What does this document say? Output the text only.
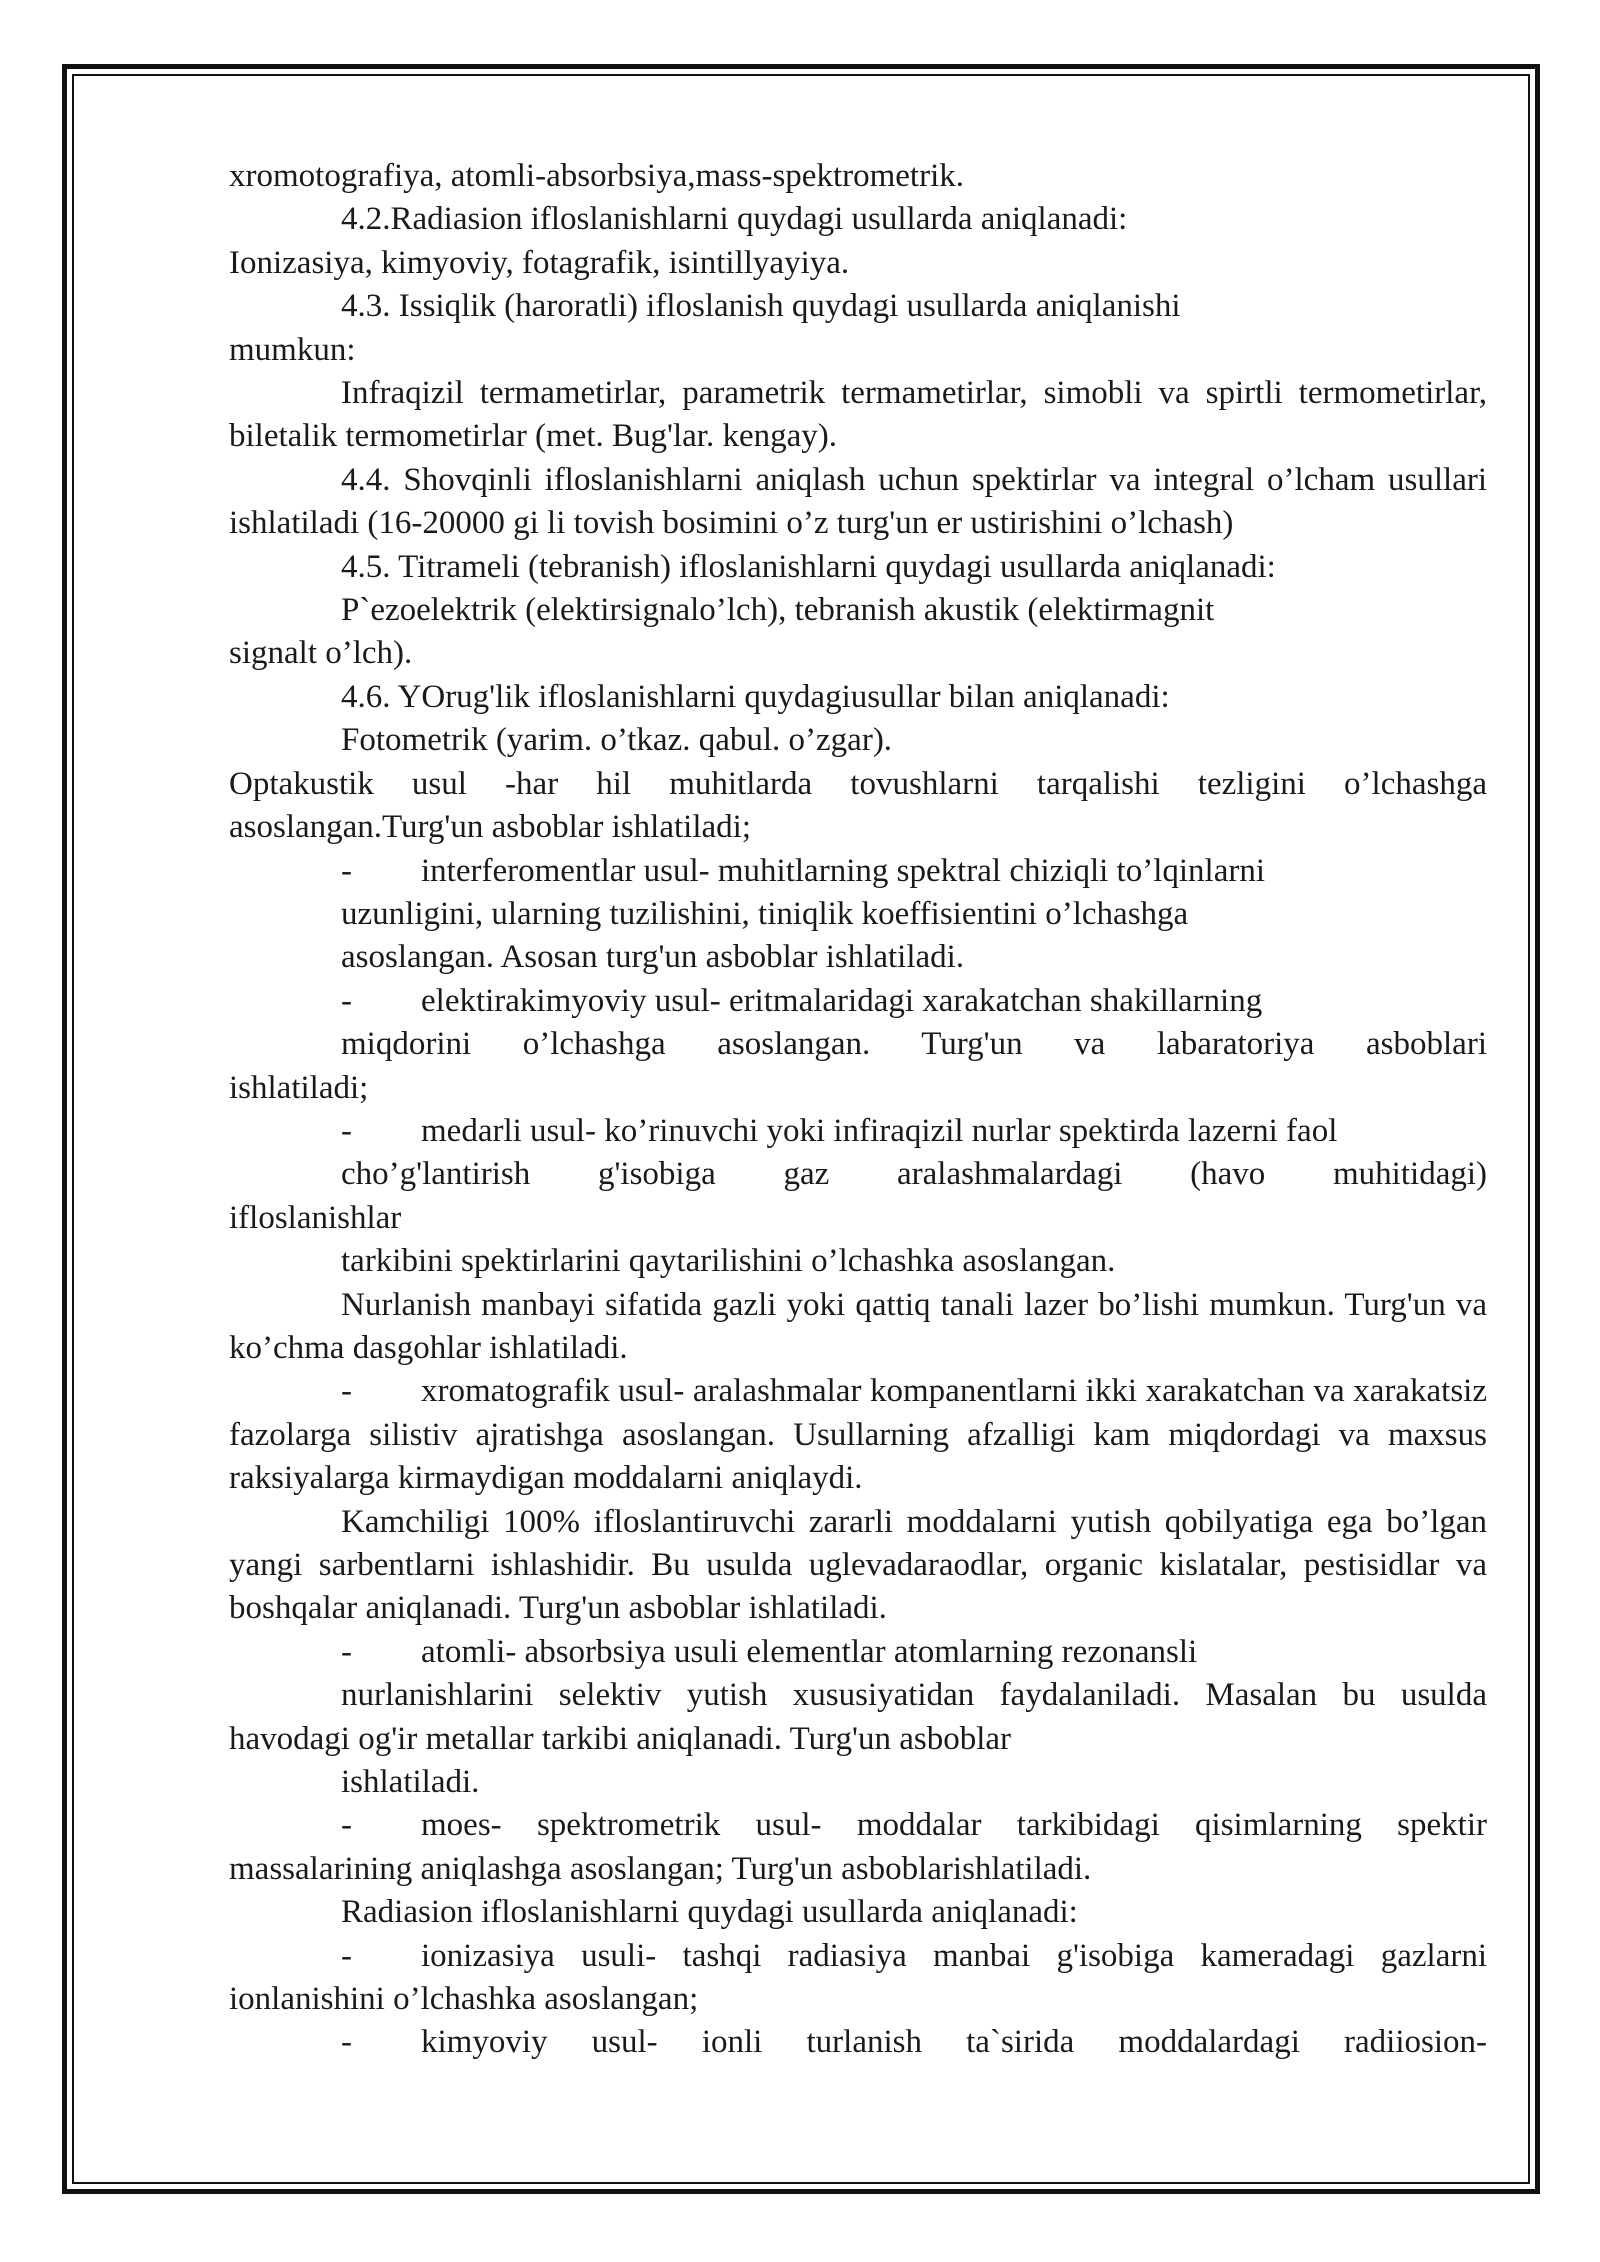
xromotografiya, atomli-absorbsiya,mass-spektrometrik.

4.2.Radiasion ifloslanishlarni quydagi usullarda aniqlanadi:

Ionizasiya, kimyoviy, fotagrafik, isintillyayiya.

4.3. Issiqlik (haroratli) ifloslanish quydagi usullarda aniqlanishi

mumkun:

Infraqizil termametirlar, parametrik termametirlar, simobli va spirtli termometirlar, biletalik termometirlar (met. Bug'lar. kengay).

4.4. Shovqinli ifloslanishlarni aniqlash uchun spektirlar va integral o’lcham usullari ishlatiladi (16-20000 gi li tovish bosimini o’z turg'un er ustirishini o’lchash)

4.5. Titrameli (tebranish) ifloslanishlarni quydagi usullarda aniqlanadi:

P`ezoelektrik (elektirsignalo’lch), tebranish akustik (elektirmagnit

signalt o’lch).

4.6. YOrug'lik ifloslanishlarni quydagiusullar bilan aniqlanadi:

Fotometrik (yarim. o’tkaz. qabul. o’zgar).

Optakustik usul -har hil muhitlarda tovushlarni tarqalishi tezligini o’lchashga asoslangan.Turg'un asboblar ishlatiladi;

- interferomentlar usul- muhitlarning spektral chiziqli to’lqinlarni

uzunligini, ularning tuzilishini, tiniqlik koeffisientini o’lchashga

asoslangan. Asosan turg'un asboblar ishlatiladi.

- elektirakimyoviy usul- eritmalaridagi xarakatchan shakillarning

miqdorini o’lchashga asoslangan. Turg'un va labaratoriya asboblari

ishlatiladi;

- medarli usul- ko’rinuvchi yoki infiraqizil nurlar spektirda lazerni faol

cho’g'lantirish g'isobiga gaz aralashmalardagi (havo muhitidagi)

ifloslanishlar

tarkibini spektirlarini qaytarilishini o’lchashka asoslangan.

Nurlanish manbayi sifatida gazli yoki qattiq tanali lazer bo’lishi mumkun. Turg'un va ko’chma dasgohlar ishlatiladi.

- xromatografik usul- aralashmalar kompanentlarni ikki xarakatchan va xarakatsiz fazolarga silistiv ajratishga asoslangan. Usullarning afzalligi kam miqdordagi va maxsus raksiyalarga kirmaydigan moddalarni aniqlaydi.

Kamchiligi 100% ifloslantiruvchi zararli moddalarni yutish qobilyatiga ega bo’lgan yangi sarbentlarni ishlashidir. Bu usulda uglevadaraodlar, organic kislatalar, pestisidlar va boshqalar aniqlanadi. Turg'un asboblar ishlatiladi.

- atomli- absorbsiya usuli elementlar atomlarning rezonansli

nurlanishlarini selektiv yutish xususiyatidan faydalaniladi. Masalan bu usulda havodagi og'ir metallar tarkibi aniqlanadi. Turg'un asboblar

ishlatiladi.

- moes- spektrometrik usul- moddalar tarkibidagi qisimlarning spektir massalarining aniqlashga asoslangan; Turg'un asboblarishlatiladi.

Radiasion ifloslanishlarni quydagi usullarda aniqlanadi:

- ionizasiya usuli- tashqi radiasiya manbai g'isobiga kameradagi gazlarni ionlanishini o’lchashka asoslangan;

- kimyoviy usul- ionli turlanish ta`sirida moddalardagi radiiosion-
